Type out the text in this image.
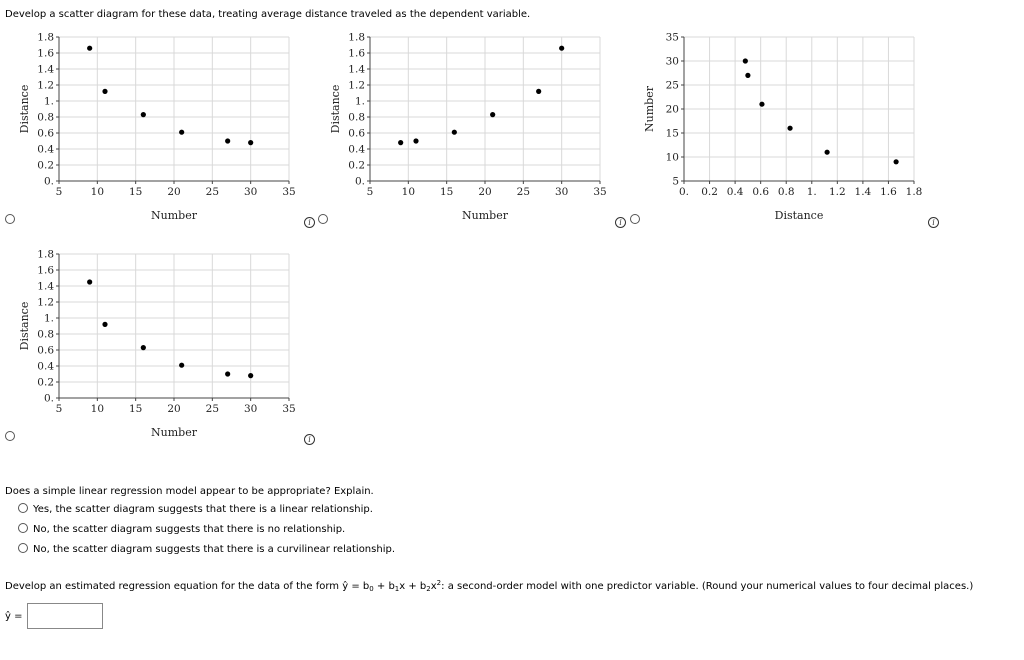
Develop a scatter diagram for these data, treating average distance traveled as the dependent variable.
5	10 15 20 25 30 35
0.
0.2
0.4
0.6
0.8
1.
1.2
1.4
1.6
1.8
Number
Distance
i
5	10 15 20 25 30 35
0.
0.2
0.4
0.6
0.8
1.
1.2
1.4
1.6
1.8
Number
Distance
i
0. 0.2 0.4 0.6 0.8 1. 1.2 1.4 1.6 1.8
5
10
15
20
25
30
35
Distance
Number
i
5	10 15 20 25 30 35
0.
0.2
0.4
0.6
0.8
1.
1.2
1.4
1.6
1.8
Number
Distance
i
Does a simple linear regression model appear to be appropriate? Explain.
Yes, the scatter diagram suggests that there is a linear relationship.
No, the scatter diagram suggests that there is no relationship.
No, the scatter diagram suggests that there is a curvilinear relationship.
Develop an estimated regression equation for the data of the form ŷ = $b_0 + b_1x + b_2x^2$: a second-order model with one predictor variable. (Round your numerical values to four decimal places.)
ŷ =
